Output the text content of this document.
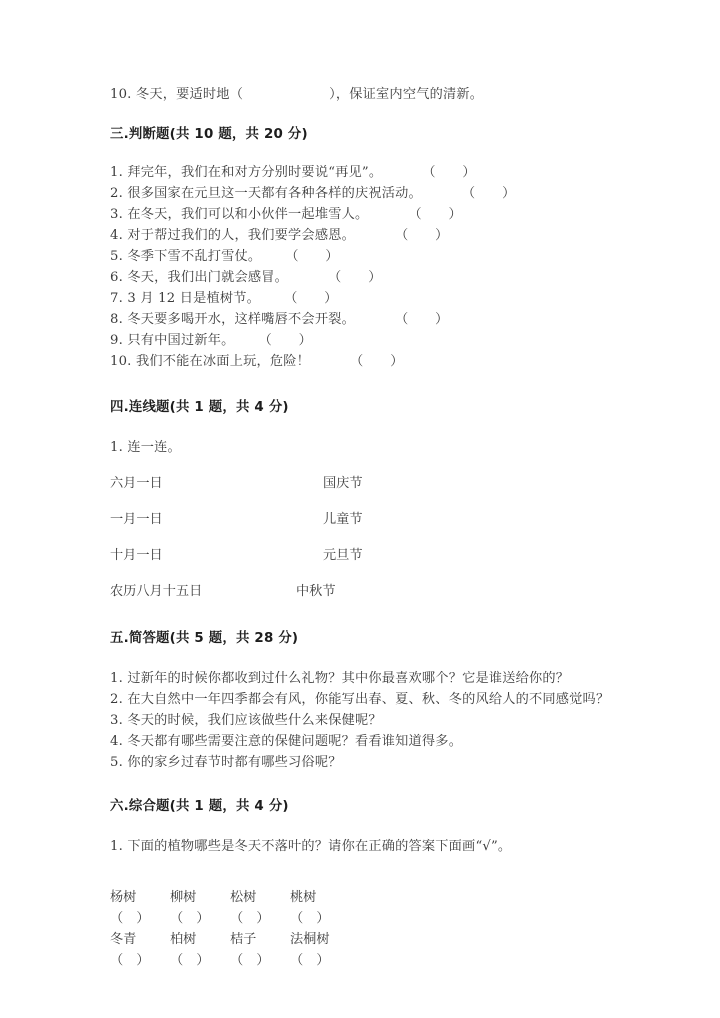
10. 冬天，要适时地（	），保证室内空气的清新。
三.判断题(共 10 题，共 20 分)
1. 拜完年，我们在和对方分别时要说“再见”。	（　　）
2. 很多国家在元旦这一天都有各种各样的庆祝活动。	（　　）
3. 在冬天，我们可以和小伙伴一起堆雪人。	（　　）
4. 对于帮过我们的人，我们要学会感恩。	（　　）
5. 冬季下雪不乱打雪仗。 （　　）
6. 冬天，我们出门就会感冒。	（　　）
7. 3 月 12 日是植树节。 （　　）
8. 冬天要多喝开水，这样嘴唇不会开裂。	（　　）
9. 只有中国过新年。 （　　）
10. 我们不能在冰面上玩，危险！	（　　）
四.连线题(共 1 题，共 4 分)
1. 连一连。
六月一日	国庆节
一月一日	儿童节
十月一日	元旦节
农历八月十五日	中秋节
五.简答题(共 5 题，共 28 分)
1. 过新年的时候你都收到过什么礼物？其中你最喜欢哪个？它是谁送给你的？
2. 在大自然中一年四季都会有风，你能写出春、夏、秋、冬的风给人的不同感觉吗？
3. 冬天的时候，我们应该做些什么来保健呢？
4. 冬天都有哪些需要注意的保健问题呢？看看谁知道得多。
5. 你的家乡过春节时都有哪些习俗呢？
六.综合题(共 1 题，共 4 分)
1. 下面的植物哪些是冬天不落叶的？请你在正确的答案下面画“√”。
杨树	柳树	松树	桃树
（　） （　） （　） （　）
冬青	柏树	桔子	法桐树
（　） （　） （　） （　）
